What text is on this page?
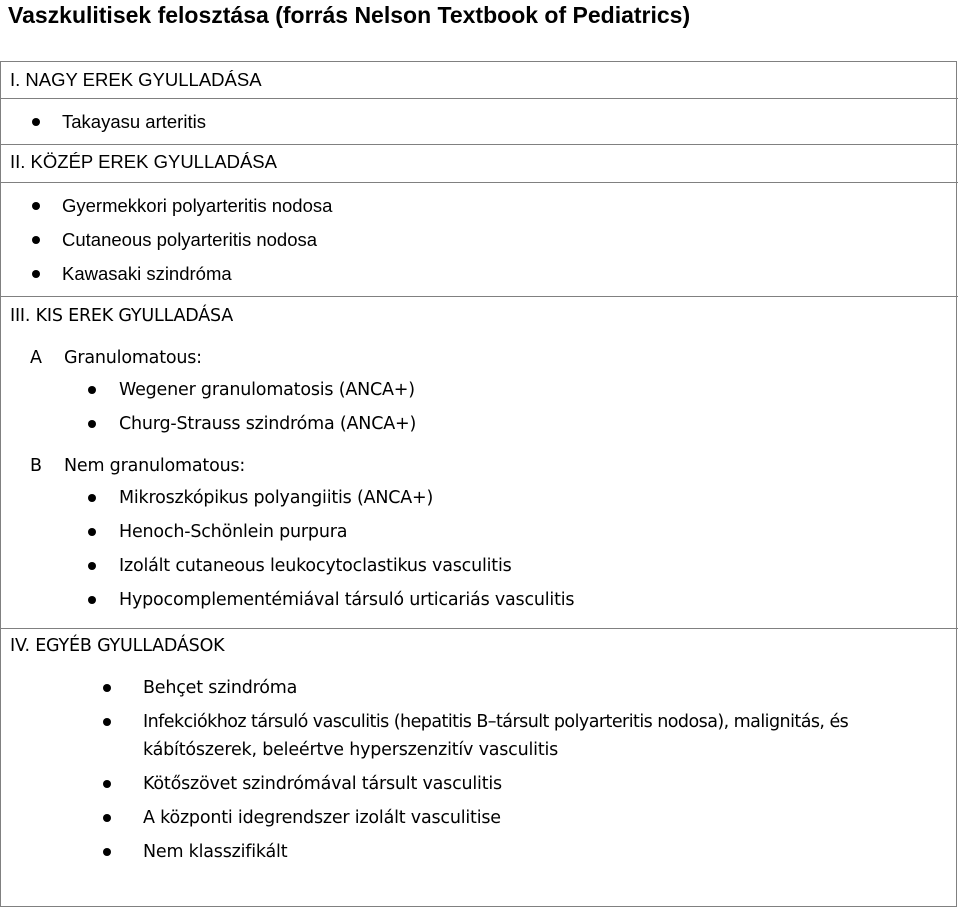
Vaszkulitisek felosztása (forrás Nelson Textbook of Pediatrics)
I. NAGY EREK GYULLADÁSA
Takayasu arteritis
II. KÖZÉP EREK GYULLADÁSA
Gyermekkori polyarteritis nodosa
Cutaneous polyarteritis nodosa
Kawasaki szindróma
III. KIS EREK GYULLADÁSA
A Granulomatous:
Wegener granulomatosis (ANCA+)
Churg-Strauss szindróma (ANCA+)
B Nem granulomatous:
Mikroszkópikus polyangiitis (ANCA+)
Henoch-Schönlein purpura
Izolált cutaneous leukocytoclastikus vasculitis
Hypocomplementémiával társuló urticariás vasculitis
IV. EGYÉB GYULLADÁSOK
Behçet szindróma
Infekciókhoz társuló vasculitis (hepatitis B–társult polyarteritis nodosa), malignitás, és
kábítószerek, beleértve hyperszenzitív vasculitis
Kötőszövet szindrómával társult vasculitis
A központi idegrendszer izolált vasculitise
Nem klasszifikált
